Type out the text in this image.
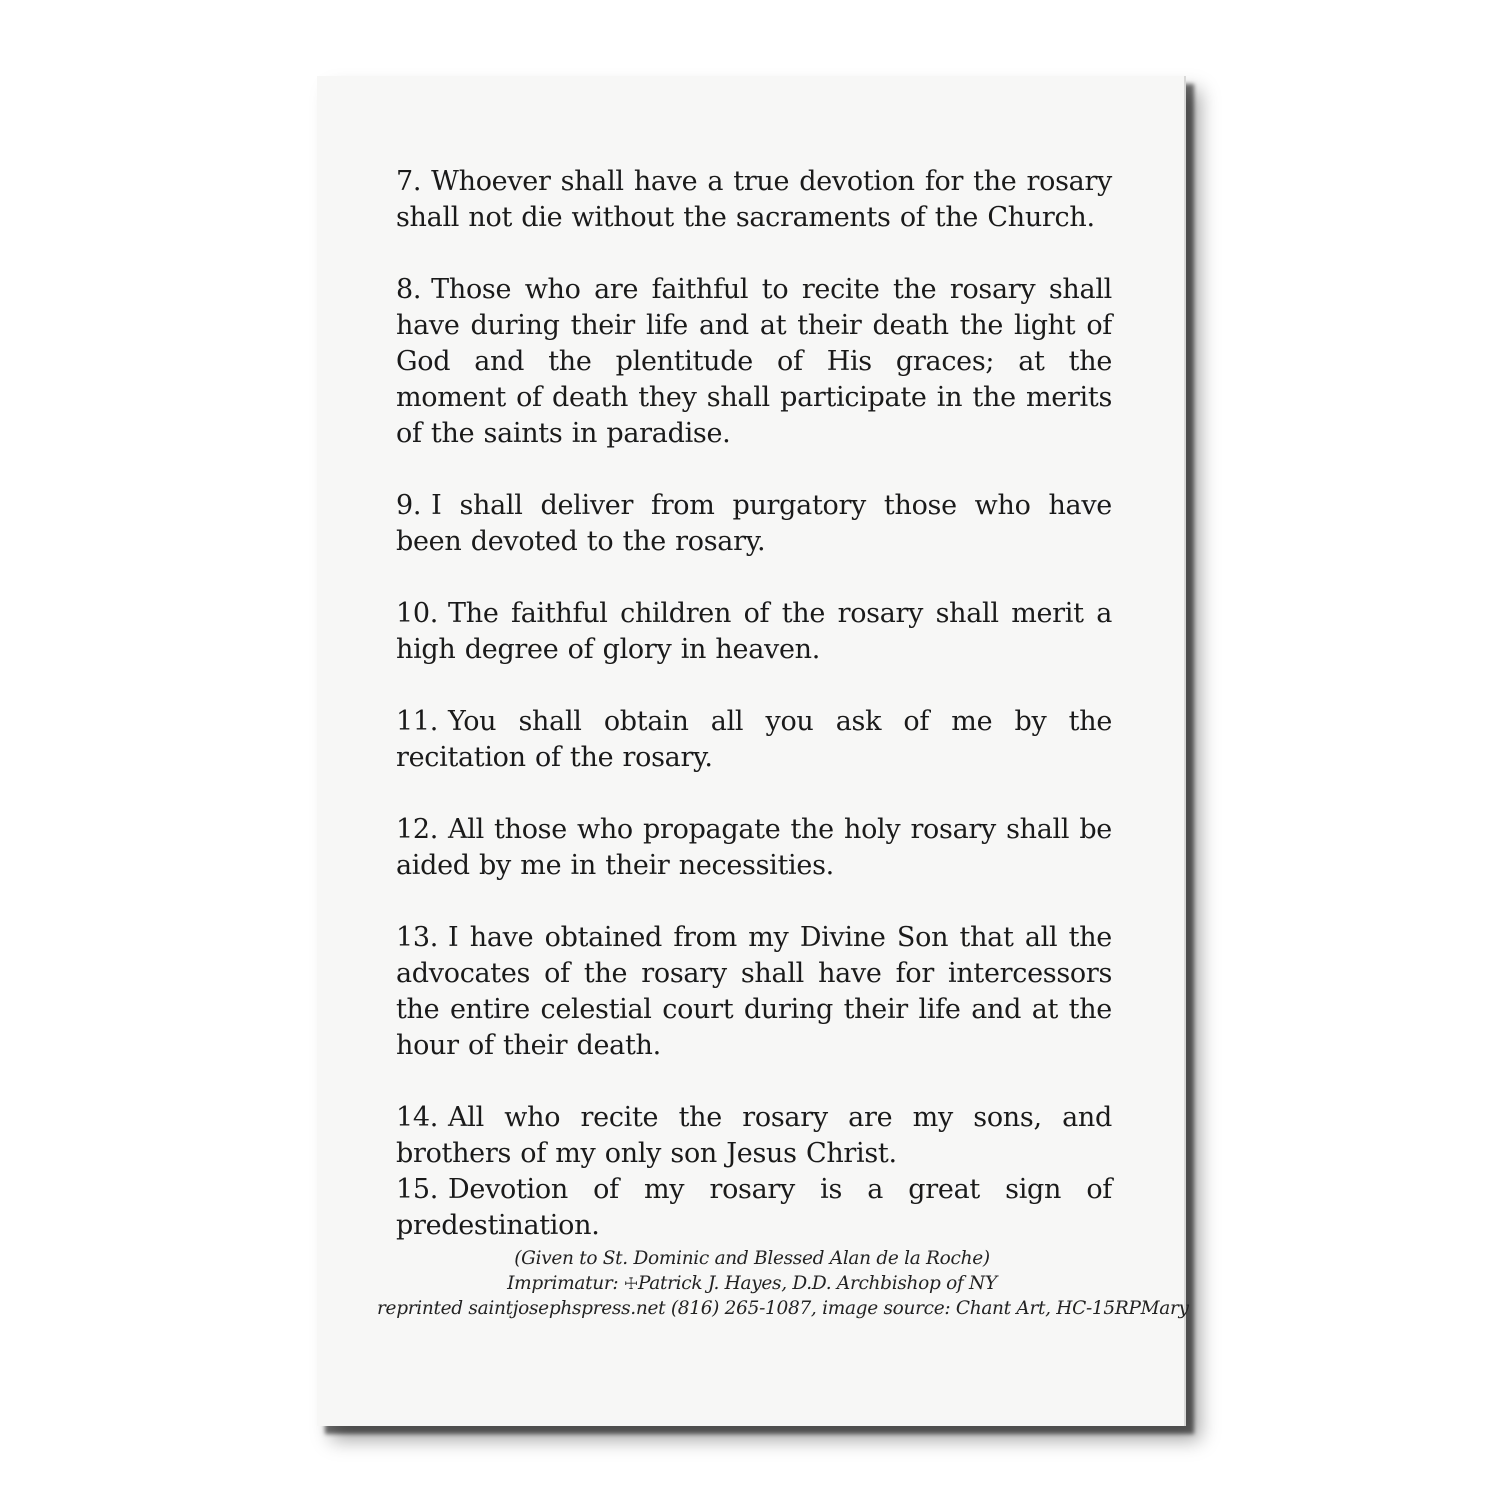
7. Whoever shall have a true devotion for the rosary shall not die without the sacraments of the Church.

8. Those who are faithful to recite the rosary shall have during their life and at their death the light of God and the plentitude of His graces; at the moment of death they shall participate in the merits of the saints in paradise.

9. I shall deliver from purgatory those who have been devoted to the rosary.

10. The faithful children of the rosary shall merit a high degree of glory in heaven.

11. You shall obtain all you ask of me by the recitation of the rosary.

12. All those who propagate the holy rosary shall be aided by me in their necessities.

13. I have obtained from my Divine Son that all the advocates of the rosary shall have for intercessors the entire celestial court during their life and at the hour of their death.

14. All who recite the rosary are my sons, and brothers of my only son Jesus Christ.

15. Devotion of my rosary is a great sign of predestination.

(Given to St. Dominic and Blessed Alan de la Roche)
Imprimatur: ☩Patrick J. Hayes, D.D. Archbishop of NY
reprinted saintjosephspress.net (816) 265-1087, image source: Chant Art, HC-15RPMary
